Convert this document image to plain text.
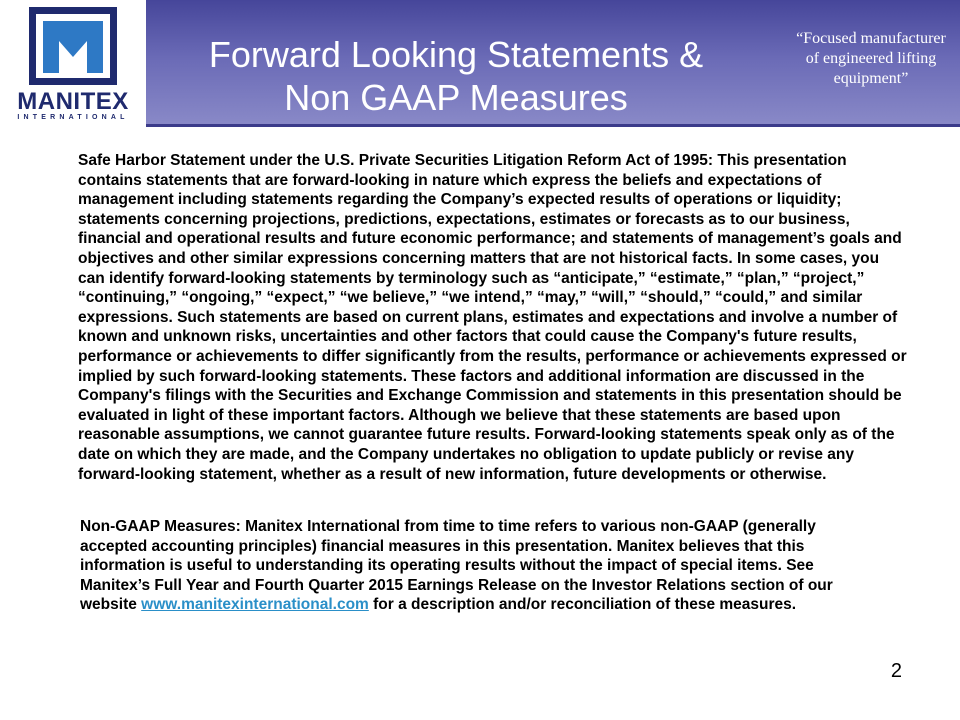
MANITEX
INTERNATIONAL
Forward Looking Statements &
Non GAAP Measures
“Focused manufacturer
of engineered lifting
equipment”
Safe Harbor Statement under the U.S. Private Securities Litigation Reform Act of 1995: This presentation contains statements that are forward-looking in nature which express the beliefs and expectations of management including statements regarding the Company’s expected results of operations or liquidity; statements concerning projections, predictions, expectations, estimates or forecasts as to our business, financial and operational results and future economic performance; and statements of management’s goals and objectives and other similar expressions concerning matters that are not historical facts. In some cases, you can identify forward-looking statements by terminology such as “anticipate,” “estimate,” “plan,” “project,” “continuing,” “ongoing,” “expect,” “we believe,” “we intend,” “may,” “will,” “should,” “could,” and similar expressions. Such statements are based on current plans, estimates and expectations and involve a number of known and unknown risks, uncertainties and other factors that could cause the Company's future results, performance or achievements to differ significantly from the results, performance or achievements expressed or implied by such forward-looking statements. These factors and additional information are discussed in the Company's filings with the Securities and Exchange Commission and statements in this presentation should be evaluated in light of these important factors. Although we believe that these statements are based upon reasonable assumptions, we cannot guarantee future results. Forward-looking statements speak only as of the date on which they are made, and the Company undertakes no obligation to update publicly or revise any forward-looking statement, whether as a result of new information, future developments or otherwise.
Non-GAAP Measures: Manitex International from time to time refers to various non-GAAP (generally accepted accounting principles) financial measures in this presentation. Manitex believes that this information is useful to understanding its operating results without the impact of special items. See Manitex’s Full Year and Fourth Quarter 2015 Earnings Release on the Investor Relations section of our website www.manitexinternational.com for a description and/or reconciliation of these measures.
2
